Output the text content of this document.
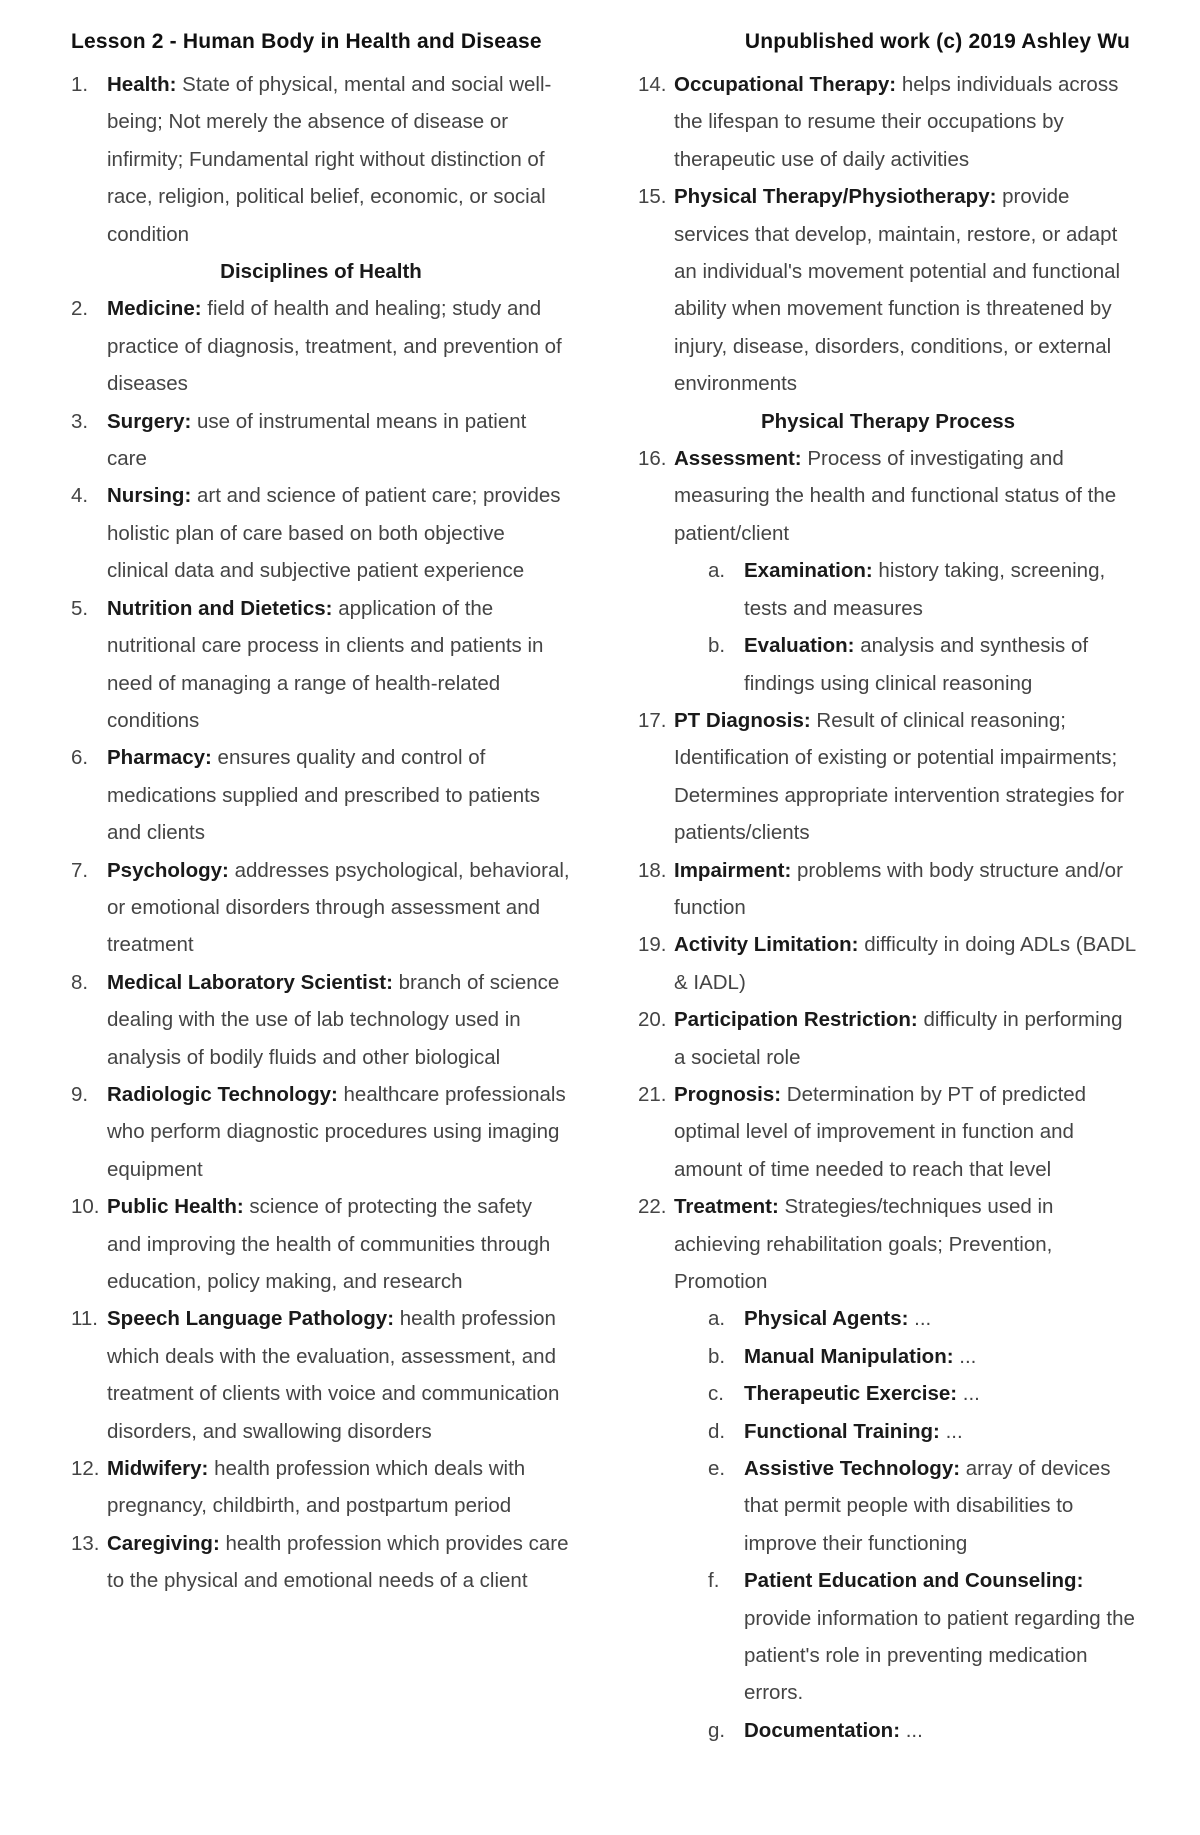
Lesson 2 - Human Body in Health and Disease	Unpublished work (c) 2019 Ashley Wu
1. Health: State of physical, mental and social well-being; Not merely the absence of disease or infirmity; Fundamental right without distinction of race, religion, political belief, economic, or social condition
Disciplines of Health
2. Medicine: field of health and healing; study and practice of diagnosis, treatment, and prevention of diseases
3. Surgery: use of instrumental means in patient care
4. Nursing: art and science of patient care; provides holistic plan of care based on both objective clinical data and subjective patient experience
5. Nutrition and Dietetics: application of the nutritional care process in clients and patients in need of managing a range of health-related conditions
6. Pharmacy: ensures quality and control of medications supplied and prescribed to patients and clients
7. Psychology: addresses psychological, behavioral, or emotional disorders through assessment and treatment
8. Medical Laboratory Scientist: branch of science dealing with the use of lab technology used in analysis of bodily fluids and other biological
9. Radiologic Technology: healthcare professionals who perform diagnostic procedures using imaging equipment
10. Public Health: science of protecting the safety and improving the health of communities through education, policy making, and research
11. Speech Language Pathology: health profession which deals with the evaluation, assessment, and treatment of clients with voice and communication disorders, and swallowing disorders
12. Midwifery: health profession which deals with pregnancy, childbirth, and postpartum period
13. Caregiving: health profession which provides care to the physical and emotional needs of a client
14. Occupational Therapy: helps individuals across the lifespan to resume their occupations by therapeutic use of daily activities
15. Physical Therapy/Physiotherapy: provide services that develop, maintain, restore, or adapt an individual's movement potential and functional ability when movement function is threatened by injury, disease, disorders, conditions, or external environments
Physical Therapy Process
16. Assessment: Process of investigating and measuring the health and functional status of the patient/client
a. Examination: history taking, screening, tests and measures
b. Evaluation: analysis and synthesis of findings using clinical reasoning
17. PT Diagnosis: Result of clinical reasoning; Identification of existing or potential impairments; Determines appropriate intervention strategies for patients/clients
18. Impairment: problems with body structure and/or function
19. Activity Limitation: difficulty in doing ADLs (BADL & IADL)
20. Participation Restriction: difficulty in performing a societal role
21. Prognosis: Determination by PT of predicted optimal level of improvement in function and amount of time needed to reach that level
22. Treatment: Strategies/techniques used in achieving rehabilitation goals; Prevention, Promotion
a. Physical Agents: ...
b. Manual Manipulation: ...
c. Therapeutic Exercise: ...
d. Functional Training: ...
e. Assistive Technology: array of devices that permit people with disabilities to improve their functioning
f.	Patient Education and Counseling: provide information to patient regarding the patient's role in preventing medication errors.
g. Documentation: ...
